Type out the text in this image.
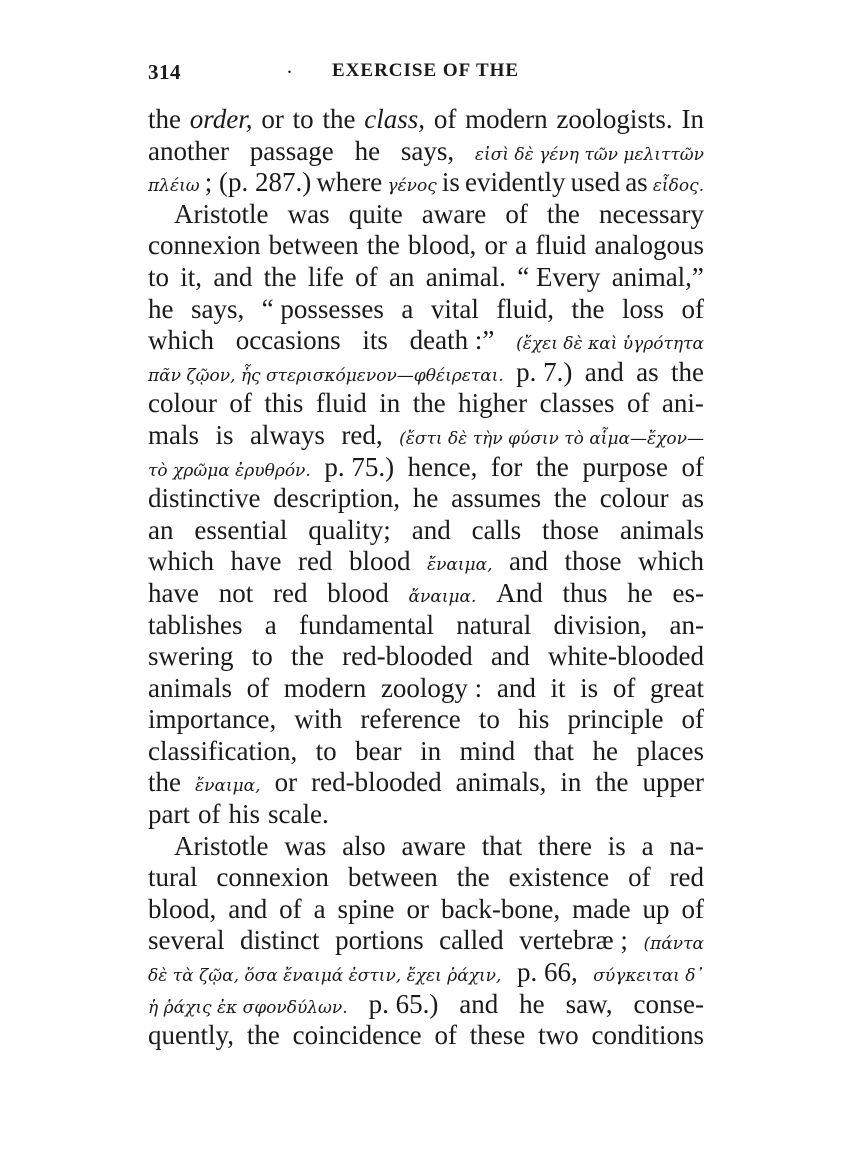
314	· EXERCISE OF THE
the order, or to the class, of modern zoologists. In
another passage he says, εἰσὶ δὲ γένη τῶν μελιττῶν
πλέιω ; (p. 287.) where γένος is evidently used as εἶδος.
Aristotle was quite aware of the necessary
connexion between the blood, or a fluid analogous
to it, and the life of an animal. “ Every animal,”
he says, “ possesses a vital fluid, the loss of
which occasions its death :” (ἔχει δὲ καὶ ὑγρότητα
πᾶν ζῷον, ἧς στερισκόμενον—φθέιρεται. p. 7.) and as the
colour of this fluid in the higher classes of ani-
mals is always red, (ἔστι δὲ τὴν φύσιν τὸ αἷμα—ἔχον—
τὸ χρῶμα ἐρυθρόν. p. 75.) hence, for the purpose of
distinctive description, he assumes the colour as
an essential quality; and calls those animals
which have red blood ἔναιμα, and those which
have not red blood ἄναιμα. And thus he es-
tablishes a fundamental natural division, an-
swering to the red-blooded and white-blooded
animals of modern zoology : and it is of great
importance, with reference to his principle of
classification, to bear in mind that he places
the ἔναιμα, or red-blooded animals, in the upper
part of his scale.
Aristotle was also aware that there is a na-
tural connexion between the existence of red
blood, and of a spine or back-bone, made up of
several distinct portions called vertebræ ; (πάντα
δὲ τὰ ζῷα, ὅσα ἔναιμά ἐστιν, ἔχει ῥάχιν, p. 66, σύγκειται δ᾽
ἡ ῥάχις ἐκ σφονδύλων. p. 65.) and he saw, conse-
quently, the coincidence of these two conditions
